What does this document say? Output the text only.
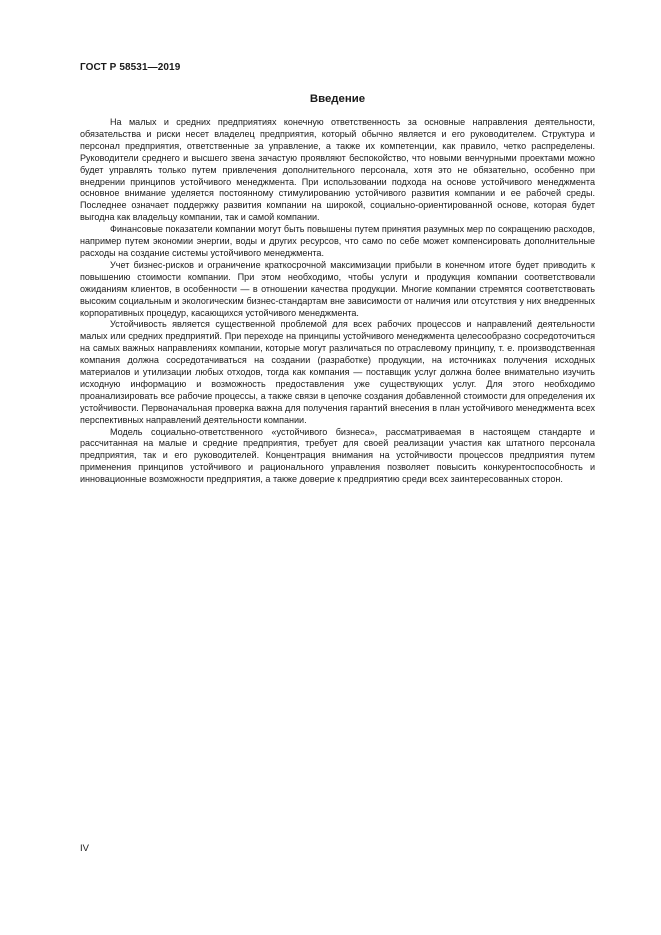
ГОСТ Р 58531—2019
Введение

На малых и средних предприятиях конечную ответственность за основные направления деятельности, обязательства и риски несет владелец предприятия, который обычно является и его руководителем. Структура и персонал предприятия, ответственные за управление, а также их компетенции, как правило, четко распределены. Руководители среднего и высшего звена зачастую проявляют беспокойство, что новыми венчурными проектами можно будет управлять только путем привлечения дополнительного персонала, хотя это не обязательно, особенно при внедрении принципов устойчивого менеджмента. При использовании подхода на основе устойчивого менеджмента основное внимание уделяется постоянному стимулированию устойчивого развития компании и ее рабочей среды. Последнее означает поддержку развития компании на широкой, социально-ориентированной основе, которая будет выгодна как владельцу компании, так и самой компании.

Финансовые показатели компании могут быть повышены путем принятия разумных мер по сокращению расходов, например путем экономии энергии, воды и других ресурсов, что само по себе может компенсировать дополнительные расходы на создание системы устойчивого менеджмента.

Учет бизнес-рисков и ограничение краткосрочной максимизации прибыли в конечном итоге будет приводить к повышению стоимости компании. При этом необходимо, чтобы услуги и продукция компании соответствовали ожиданиям клиентов, в особенности — в отношении качества продукции. Многие компании стремятся соответствовать высоким социальным и экологическим бизнес-стандартам вне зависимости от наличия или отсутствия у них внедренных корпоративных процедур, касающихся устойчивого менеджмента.

Устойчивость является существенной проблемой для всех рабочих процессов и направлений деятельности малых или средних предприятий. При переходе на принципы устойчивого менеджмента целесообразно сосредоточиться на самых важных направлениях компании, которые могут различаться по отраслевому принципу, т. е. производственная компания должна сосредотачиваться на создании (разработке) продукции, на источниках получения исходных материалов и утилизации любых отходов, тогда как компания — поставщик услуг должна более внимательно изучить исходную информацию и возможность предоставления уже существующих услуг. Для этого необходимо проанализировать все рабочие процессы, а также связи в цепочке создания добавленной стоимости для определения их устойчивости. Первоначальная проверка важна для получения гарантий внесения в план устойчивого менеджмента всех перспективных направлений деятельности компании.

Модель социально-ответственного «устойчивого бизнеса», рассматриваемая в настоящем стандарте и рассчитанная на малые и средние предприятия, требует для своей реализации участия как штатного персонала предприятия, так и его руководителей. Концентрация внимания на устойчивости процессов предприятия путем применения принципов устойчивого и рационального управления позволяет повысить конкурентоспособность и инновационные возможности предприятия, а также доверие к предприятию среди всех заинтересованных сторон.

IV
